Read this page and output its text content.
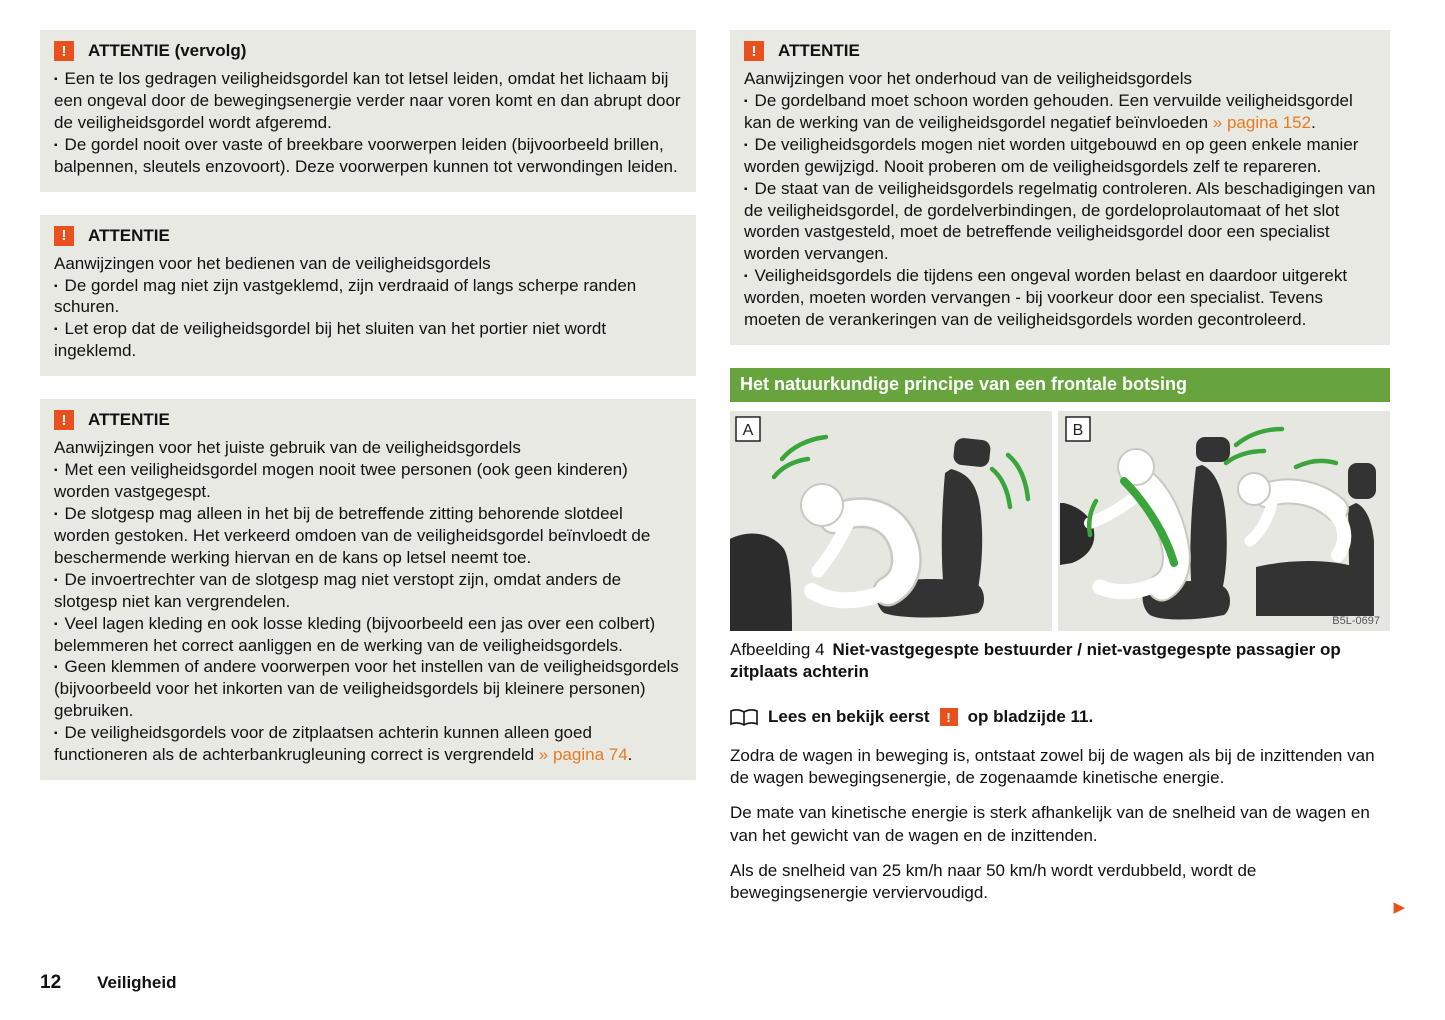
!	ATTENTIE (vervolg)
▪ Een te los gedragen veiligheidsgordel kan tot letsel leiden, omdat het lichaam bij een ongeval door de bewegingsenergie verder naar voren komt en dan abrupt door de veiligheidsgordel wordt afgeremd.
▪ De gordel nooit over vaste of breekbare voorwerpen leiden (bijvoorbeeld brillen, balpennen, sleutels enzovoort). Deze voorwerpen kunnen tot verwondingen leiden.
!	ATTENTIE
Aanwijzingen voor het bedienen van de veiligheidsgordels
▪ De gordel mag niet zijn vastgeklemd, zijn verdraaid of langs scherpe randen schuren.
▪ Let erop dat de veiligheidsgordel bij het sluiten van het portier niet wordt ingeklemd.
!	ATTENTIE
Aanwijzingen voor het juiste gebruik van de veiligheidsgordels
▪ Met een veiligheidsgordel mogen nooit twee personen (ook geen kinderen) worden vastgegespt.
▪ De slotgesp mag alleen in het bij de betreffende zitting behorende slotdeel worden gestoken. Het verkeerd omdoen van de veiligheidsgordel beïnvloedt de beschermende werking hiervan en de kans op letsel neemt toe.
▪ De invoertrechter van de slotgesp mag niet verstopt zijn, omdat anders de slotgesp niet kan vergrendelen.
▪ Veel lagen kleding en ook losse kleding (bijvoorbeeld een jas over een colbert) belemmeren het correct aanliggen en de werking van de veiligheidsgordels.
▪ Geen klemmen of andere voorwerpen voor het instellen van de veiligheidsgordels (bijvoorbeeld voor het inkorten van de veiligheidsgordels bij kleinere personen) gebruiken.
▪ De veiligheidsgordels voor de zitplaatsen achterin kunnen alleen goed functioneren als de achterbankrugleuning correct is vergrendeld » pagina 74.
!	ATTENTIE
Aanwijzingen voor het onderhoud van de veiligheidsgordels
▪ De gordelband moet schoon worden gehouden. Een vervuilde veiligheidsgordel kan de werking van de veiligheidsgordel negatief beïnvloeden » pagina 152.
▪ De veiligheidsgordels mogen niet worden uitgebouwd en op geen enkele manier worden gewijzigd. Nooit proberen om de veiligheidsgordels zelf te repareren.
▪ De staat van de veiligheidsgordels regelmatig controleren. Als beschadigingen van de veiligheidsgordel, de gordelverbindingen, de gordeloprolautomaat of het slot worden vastgesteld, moet de betreffende veiligheidsgordel door een specialist worden vervangen.
▪ Veiligheidsgordels die tijdens een ongeval worden belast en daardoor uitgerekt worden, moeten worden vervangen - bij voorkeur door een specialist. Tevens moeten de verankeringen van de veiligheidsgordels worden gecontroleerd.
Het natuurkundige principe van een frontale botsing
A	B
B5L-0697
Afbeelding 4 Niet-vastgegespte bestuurder / niet-vastgegespte passagier op zitplaats achterin
Lees en bekijk eerst	! op bladzijde 11.

Zodra de wagen in beweging is, ontstaat zowel bij de wagen als bij de inzittenden van de wagen bewegingsenergie, de zogenaamde kinetische energie.

De mate van kinetische energie is sterk afhankelijk van de snelheid van de wagen en van het gewicht van de wagen en de inzittenden.

Als de snelheid van 25 km/h naar 50 km/h wordt verdubbeld, wordt de bewegingsenergie verviervoudigd.

▶
12 Veiligheid
